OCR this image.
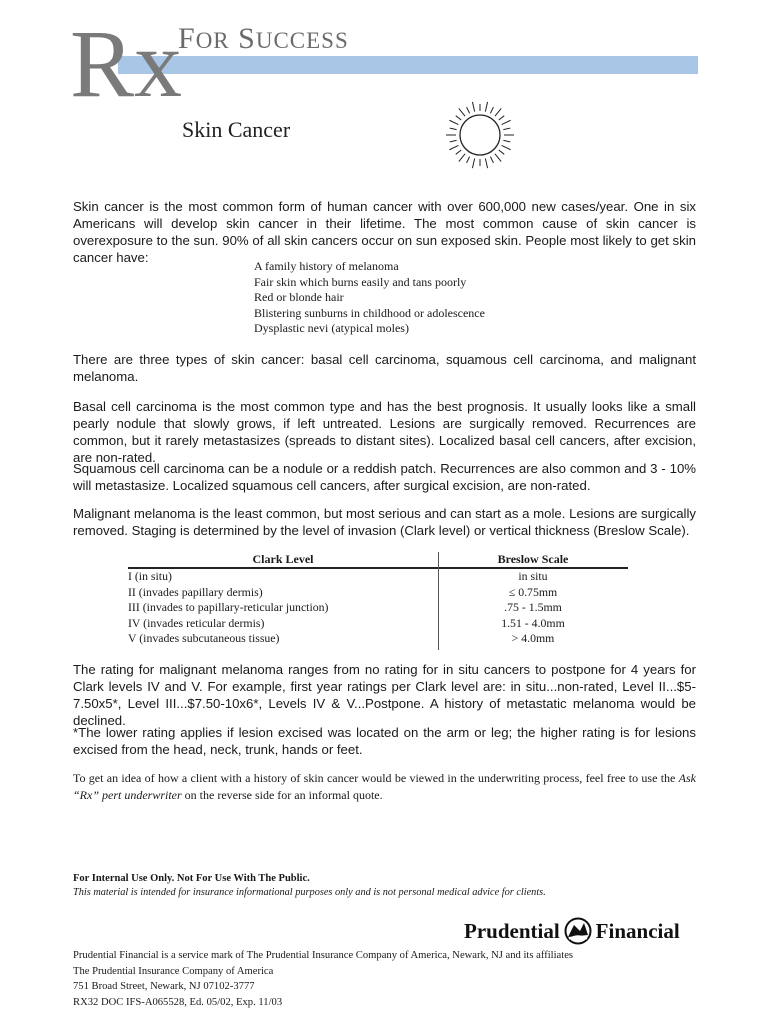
Rx
FOR SUCCESS
Skin Cancer
Skin cancer is the most common form of human cancer with over 600,000 new cases/year. One in six Americans will develop skin cancer in their lifetime. The most common cause of skin cancer is overexposure to the sun. 90% of all skin cancers occur on sun exposed skin. People most likely to get skin cancer have:
A family history of melanoma
Fair skin which burns easily and tans poorly
Red or blonde hair
Blistering sunburns in childhood or adolescence
Dysplastic nevi (atypical moles)
There are three types of skin cancer: basal cell carcinoma, squamous cell carcinoma, and malignant melanoma.
Basal cell carcinoma is the most common type and has the best prognosis. It usually looks like a small pearly nodule that slowly grows, if left untreated. Lesions are surgically removed. Recurrences are common, but it rarely metastasizes (spreads to distant sites). Localized basal cell cancers, after excision, are non-rated.
Squamous cell carcinoma can be a nodule or a reddish patch. Recurrences are also common and 3 - 10% will metastasize. Localized squamous cell cancers, after surgical excision, are non-rated.
Malignant melanoma is the least common, but most serious and can start as a mole. Lesions are surgically removed. Staging is determined by the level of invasion (Clark level) or vertical thickness (Breslow Scale).
Clark Level	Breslow Scale
I (in situ)	in situ
II (invades papillary dermis)	≤ 0.75mm
III (invades to papillary-reticular junction)	.75 - 1.5mm
IV (invades reticular dermis)	1.51 - 4.0mm
V (invades subcutaneous tissue)	> 4.0mm
The rating for malignant melanoma ranges from no rating for in situ cancers to postpone for 4 years for Clark levels IV and V. For example, first year ratings per Clark level are: in situ...non-rated, Level II...$5-7.50x5*, Level III...$7.50-10x6*, Levels IV & V...Postpone. A history of metastatic melanoma would be declined.
*The lower rating applies if lesion excised was located on the arm or leg; the higher rating is for lesions excised from the head, neck, trunk, hands or feet.
To get an idea of how a client with a history of skin cancer would be viewed in the underwriting process, feel free to use the Ask “Rx” pert underwriter on the reverse side for an informal quote.
For Internal Use Only. Not For Use With The Public.
This material is intended for insurance informational purposes only and is not personal medical advice for clients.
Prudential Financial
Prudential Financial is a service mark of The Prudential Insurance Company of America, Newark, NJ and its affiliates
The Prudential Insurance Company of America
751 Broad Street, Newark, NJ 07102-3777
RX32 DOC IFS-A065528, Ed. 05/02, Exp. 11/03
